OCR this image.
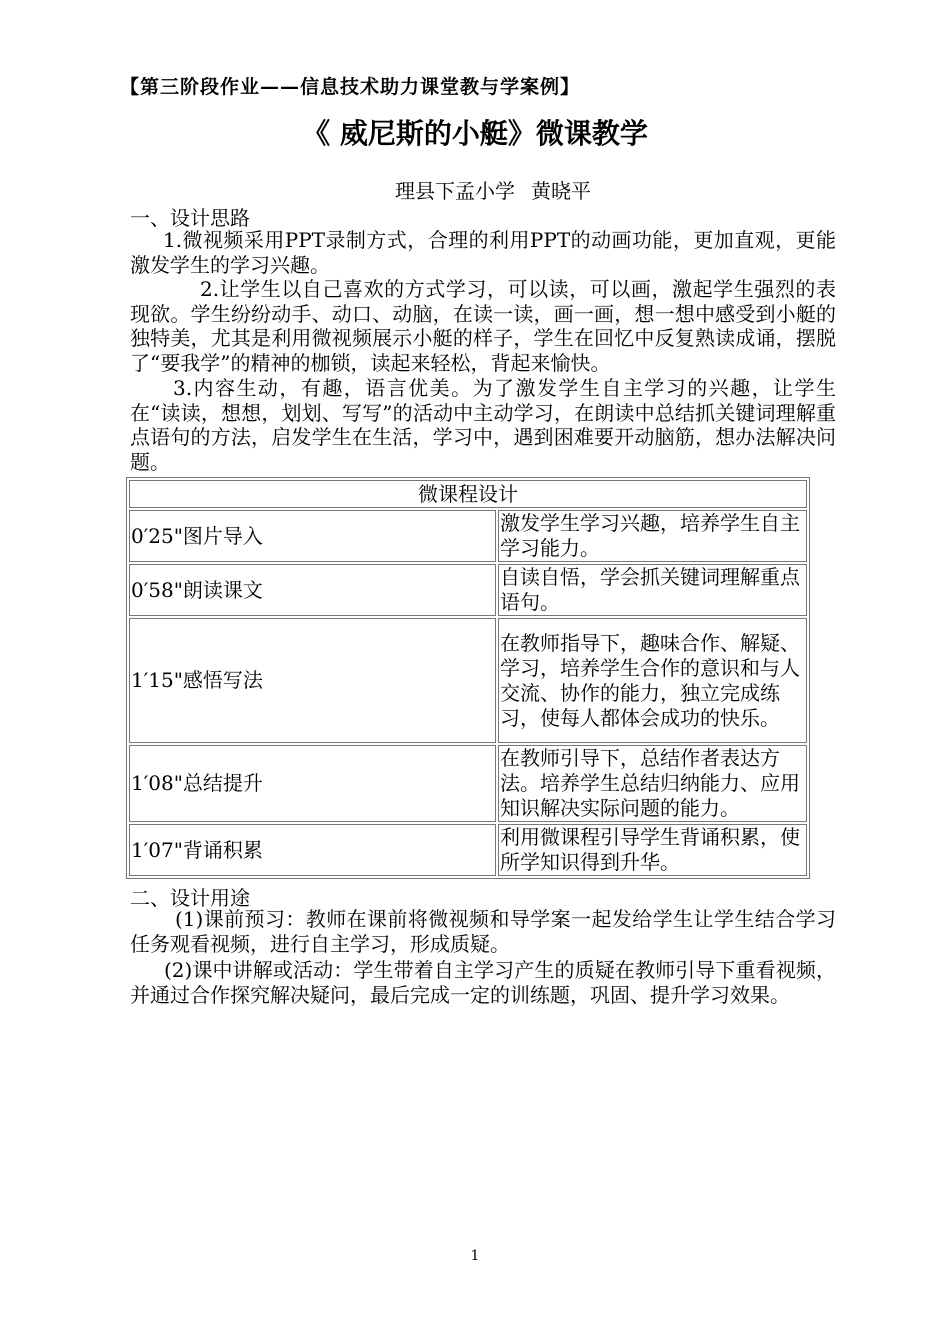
【第三阶段作业——信息技术助力课堂教与学案例】
《 威尼斯的小艇》微课教学
理县下孟小学 黄晓平
一、设计思路

1.微视频采用PPT录制方式，合理的利用PPT的动画功能，更加直观，更能激发学生的学习兴趣。

2.让学生以自己喜欢的方式学习，可以读，可以画，激起学生强烈的表现欲。学生纷纷动手、动口、动脑，在读一读，画一画，想一想中感受到小艇的独特美，尤其是利用微视频展示小艇的样子，学生在回忆中反复熟读成诵，摆脱了“要我学”的精神的枷锁，读起来轻松，背起来愉快。

3.内容生动，有趣，语言优美。为了激发学生自主学习的兴趣，让学生在“读读，想想，划划、写写”的活动中主动学习，在朗读中总结抓关键词理解重点语句的方法，启发学生在生活，学习中，遇到困难要开动脑筋，想办法解决问题。

微课程设计	
0′25"图片导入	激发学生学习兴趣，培养学生自主学习能力。
0′58"朗读课文	自读自悟，学会抓关键词理解重点语句。
1′15"感悟写法	在教师指导下，趣味合作、解疑、学习，培养学生合作的意识和与人交流、协作的能力，独立完成练习，使每人都体会成功的快乐。
1′08"总结提升	在教师引导下，总结作者表达方法。培养学生总结归纳能力、应用知识解决实际问题的能力。
1′07"背诵积累	利用微课程引导学生背诵积累，使所学知识得到升华。
二、设计用途

(1)课前预习：教师在课前将微视频和导学案一起发给学生让学生结合学习任务观看视频，进行自主学习，形成质疑。

(2)课中讲解或活动：学生带着自主学习产生的质疑在教师引导下重看视频，并通过合作探究解决疑问，最后完成一定的训练题，巩固、提升学习效果。

1
